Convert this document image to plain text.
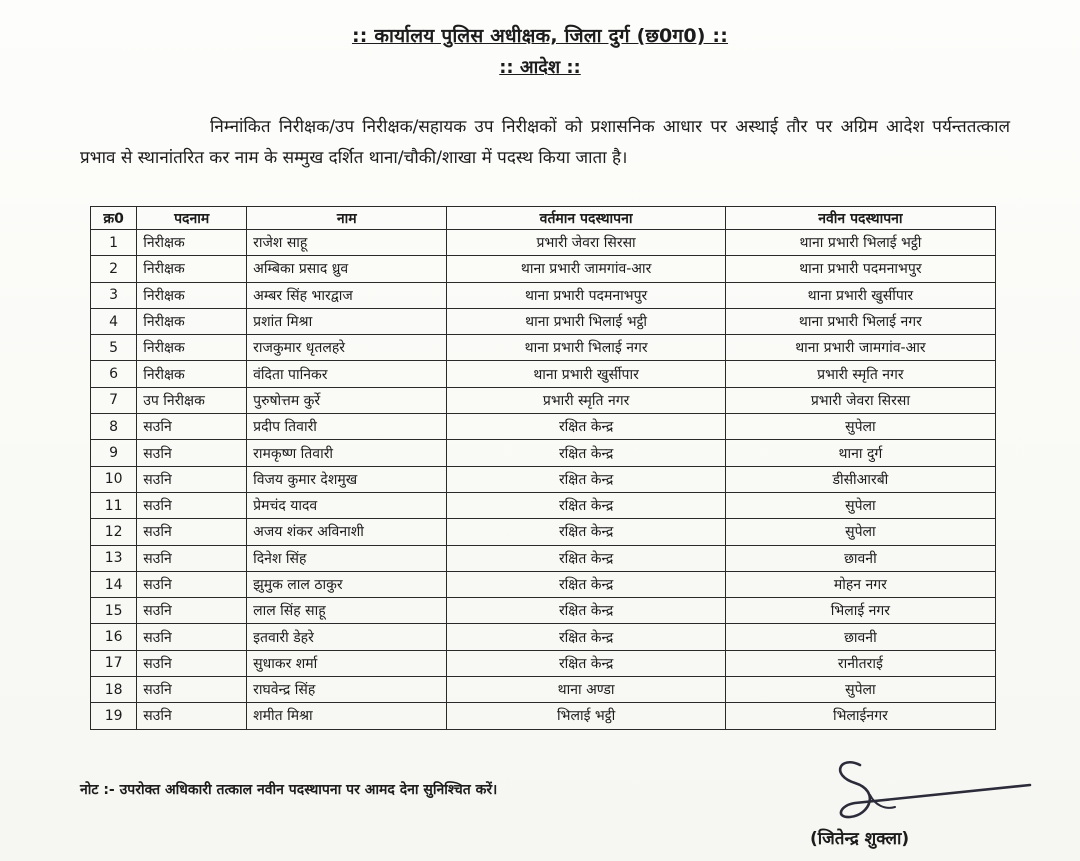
:: कार्यालय पुलिस अधीक्षक, जिला दुर्ग (छ0ग0) ::
:: आदेश ::
निम्नांकित निरीक्षक/उप निरीक्षक/सहायक उप निरीक्षकों को प्रशासनिक आधार पर अस्थाई तौर पर अग्रिम आदेश पर्यन्ततत्काल प्रभाव से स्थानांतरित कर नाम के सम्मुख दर्शित थाना/चौकी/शाखा में पदस्थ किया जाता है।
क्र0	पदनाम	नाम	वर्तमान पदस्थापना	नवीन पदस्थापना
1	निरीक्षक	राजेश साहू	प्रभारी जेवरा सिरसा	थाना प्रभारी भिलाई भट्ठी
2	निरीक्षक	अम्बिका प्रसाद ध्रुव	थाना प्रभारी जामगांव-आर	थाना प्रभारी पदमनाभपुर
3	निरीक्षक	अम्बर सिंह भारद्वाज	थाना प्रभारी पदमनाभपुर	थाना प्रभारी खुर्सीपार
4	निरीक्षक	प्रशांत मिश्रा	थाना प्रभारी भिलाई भट्ठी	थाना प्रभारी भिलाई नगर
5	निरीक्षक	राजकुमार धृतलहरे	थाना प्रभारी भिलाई नगर	थाना प्रभारी जामगांव-आर
6	निरीक्षक	वंदिता पानिकर	थाना प्रभारी खुर्सीपार	प्रभारी स्मृति नगर
7	उप निरीक्षक	पुरुषोत्तम कुर्रे	प्रभारी स्मृति नगर	प्रभारी जेवरा सिरसा
8	सउनि	प्रदीप तिवारी	रक्षित केन्द्र	सुपेला
9	सउनि	रामकृष्ण तिवारी	रक्षित केन्द्र	थाना दुर्ग
10	सउनि	विजय कुमार देशमुख	रक्षित केन्द्र	डीसीआरबी
11	सउनि	प्रेमचंद यादव	रक्षित केन्द्र	सुपेला
12	सउनि	अजय शंकर अविनाशी	रक्षित केन्द्र	सुपेला
13	सउनि	दिनेश सिंह	रक्षित केन्द्र	छावनी
14	सउनि	झुमुक लाल ठाकुर	रक्षित केन्द्र	मोहन नगर
15	सउनि	लाल सिंह साहू	रक्षित केन्द्र	भिलाई नगर
16	सउनि	इतवारी डेहरे	रक्षित केन्द्र	छावनी
17	सउनि	सुधाकर शर्मा	रक्षित केन्द्र	रानीतराई
18	सउनि	राघवेन्द्र सिंह	थाना अण्डा	सुपेला
19	सउनि	शमीत मिश्रा	भिलाई भट्ठी	भिलाईनगर
नोट :- उपरोक्त अधिकारी तत्काल नवीन पदस्थापना पर आमद देना सुनिश्चित करें।
(जितेन्द्र शुक्ला)
